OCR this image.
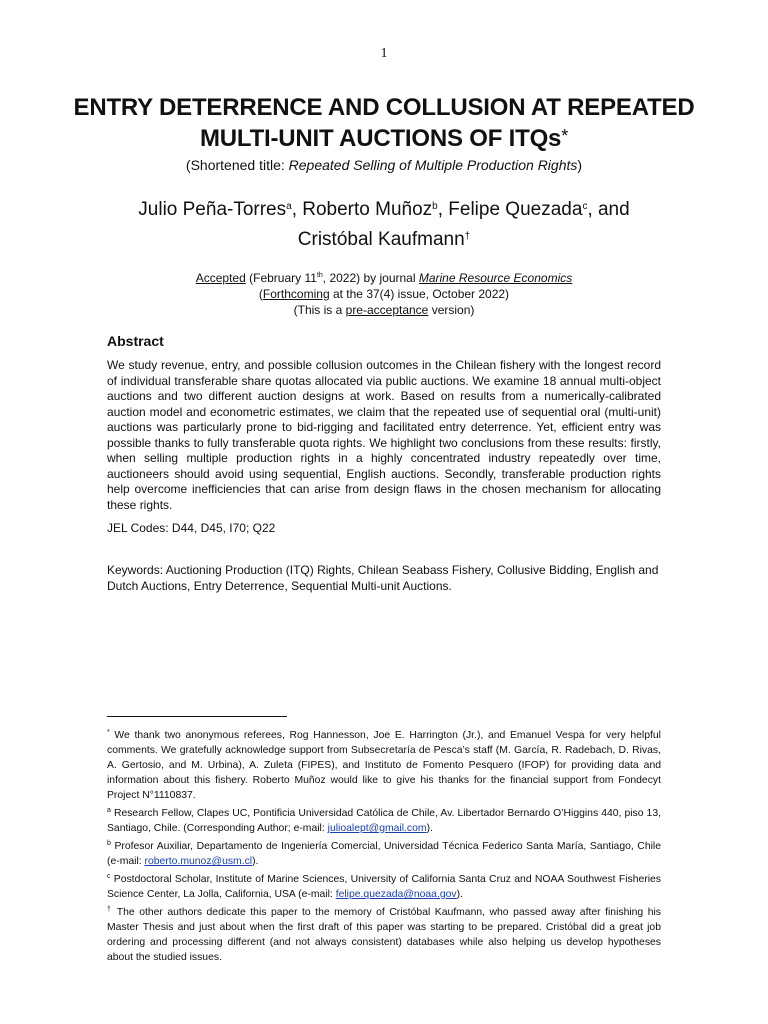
1
ENTRY DETERRENCE AND COLLUSION AT REPEATED
MULTI-UNIT AUCTIONS OF ITQs*
(Shortened title: Repeated Selling of Multiple Production Rights)
Julio Peña-Torres$^a$, Roberto Muñoz$^b$, Felipe Quezada$^c$, and
Cristóbal Kaufmann†
Accepted (February 11th, 2022) by journal Marine Resource Economics
(Forthcoming at the 37(4) issue, October 2022)
(This is a pre-acceptance version)
Abstract
We study revenue, entry, and possible collusion outcomes in the Chilean fishery with the longest record of individual transferable share quotas allocated via public auctions. We examine 18 annual multi-object auctions and two different auction designs at work. Based on results from a numerically-calibrated auction model and econometric estimates, we claim that the repeated use of sequential oral (multi-unit) auctions was particularly prone to bid-rigging and facilitated entry deterrence. Yet, efficient entry was possible thanks to fully transferable quota rights. We highlight two conclusions from these results: firstly, when selling multiple production rights in a highly concentrated industry repeatedly over time, auctioneers should avoid using sequential, English auctions. Secondly, transferable production rights help overcome inefficiencies that can arise from design flaws in the chosen mechanism for allocating these rights.
JEL Codes: D44, D45, I70; Q22
Keywords: Auctioning Production (ITQ) Rights, Chilean Seabass Fishery, Collusive Bidding, English and Dutch Auctions, Entry Deterrence, Sequential Multi-unit Auctions.

* We thank two anonymous referees, Rog Hannesson, Joe E. Harrington (Jr.), and Emanuel Vespa for very helpful comments. We gratefully acknowledge support from Subsecretaría de Pesca’s staff (M. García, R. Radebach, D. Rivas, A. Gertosio, and M. Urbina), A. Zuleta (FIPES), and Instituto de Fomento Pesquero (IFOP) for providing data and information about this fishery. Roberto Muñoz would like to give his thanks for the financial support from Fondecyt Project N°1110837.

$^a$ Research Fellow, Clapes UC, Pontificia Universidad Católica de Chile, Av. Libertador Bernardo O’Higgins 440, piso 13, Santiago, Chile. (Corresponding Author; e-mail: julioalept@gmail.com).

$^b$ Profesor Auxiliar, Departamento de Ingeniería Comercial, Universidad Técnica Federico Santa María, Santiago, Chile (e-mail: roberto.munoz@usm.cl).

$^c$ Postdoctoral Scholar, Institute of Marine Sciences, University of California Santa Cruz and NOAA Southwest Fisheries Science Center, La Jolla, California, USA (e-mail: felipe.quezada@noaa.gov).

† The other authors dedicate this paper to the memory of Cristóbal Kaufmann, who passed away after finishing his Master Thesis and just about when the first draft of this paper was starting to be prepared. Cristóbal did a great job ordering and processing different (and not always consistent) databases while also helping us develop hypotheses about the studied issues.
